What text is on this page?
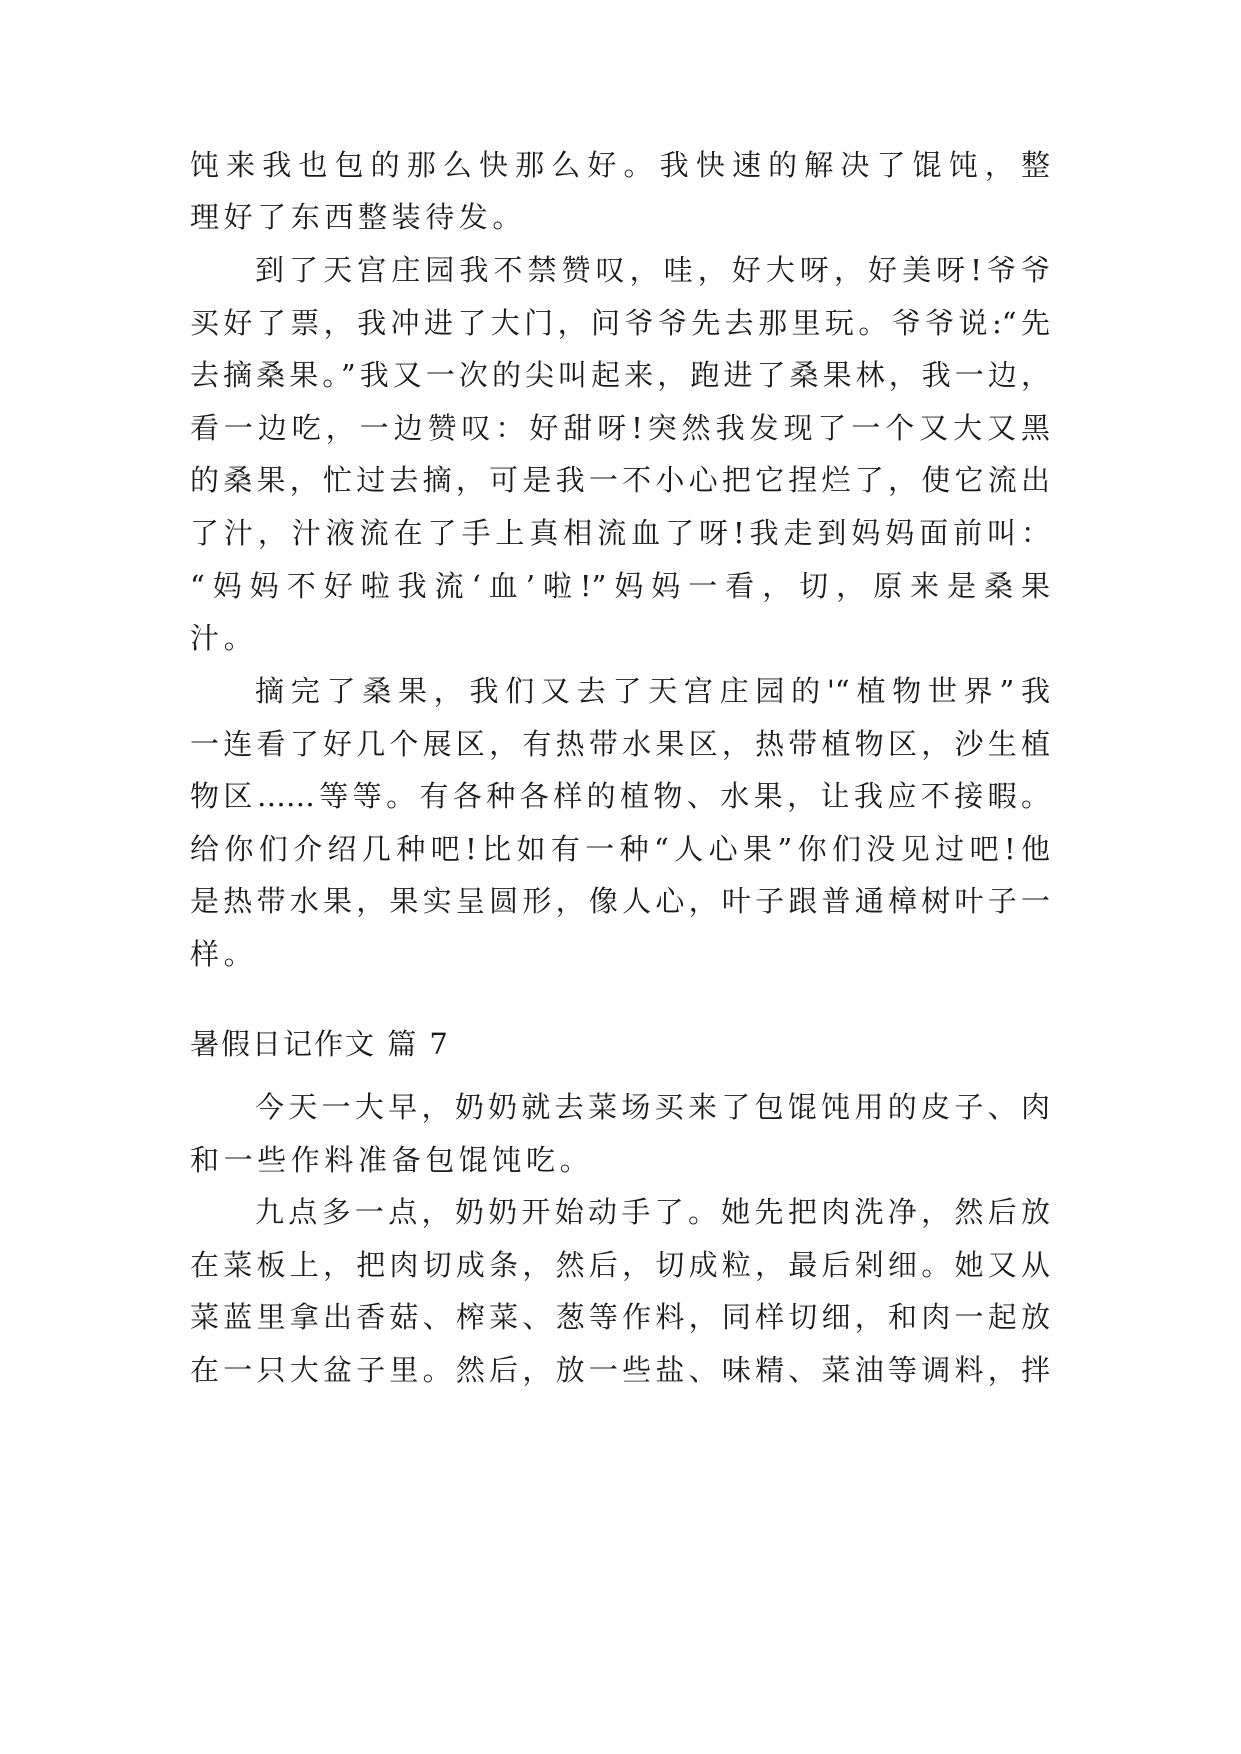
饨来我也包的那么快那么好。我快速的解决了馄饨，整
理好了东西整装待发。
到了天宫庄园我不禁赞叹，哇，好大呀，好美呀!爷爷
买好了票，我冲进了大门，问爷爷先去那里玩。爷爷说:“先
去摘桑果。”我又一次的尖叫起来，跑进了桑果林，我一边，
看一边吃，一边赞叹：好甜呀!突然我发现了一个又大又黑
的桑果，忙过去摘，可是我一不小心把它捏烂了，使它流出
了汁，汁液流在了手上真相流血了呀!我走到妈妈面前叫：
“妈妈不好啦我流‘血’啦!”妈妈一看，切，原来是桑果
汁。
摘完了桑果，我们又去了天宫庄园的'“植物世界”我
一连看了好几个展区，有热带水果区，热带植物区，沙生植
物区……等等。有各种各样的植物、水果，让我应不接暇。
给你们介绍几种吧!比如有一种“人心果”你们没见过吧!他
是热带水果，果实呈圆形，像人心，叶子跟普通樟树叶子一
样。
暑假日记作文 篇 7
今天一大早，奶奶就去菜场买来了包馄饨用的皮子、肉
和一些作料准备包馄饨吃。
九点多一点，奶奶开始动手了。她先把肉洗净，然后放
在菜板上，把肉切成条，然后，切成粒，最后剁细。她又从
菜蓝里拿出香菇、榨菜、葱等作料，同样切细，和肉一起放
在一只大盆子里。然后，放一些盐、味精、菜油等调料，拌
